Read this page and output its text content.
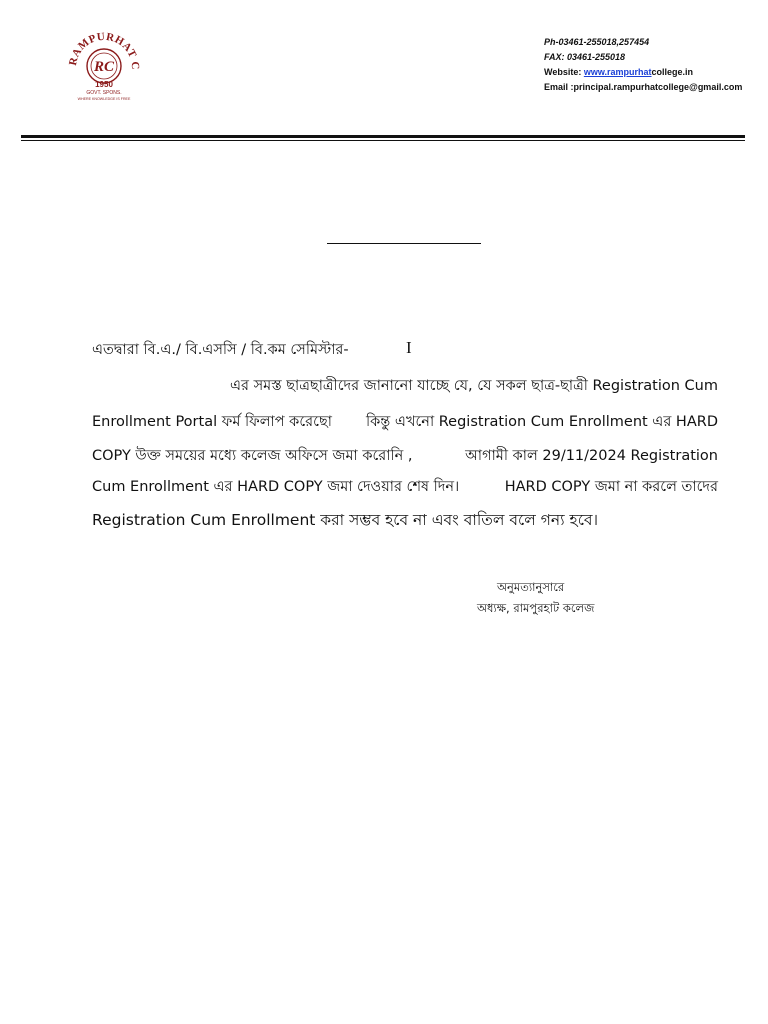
RAMPURHAT C
RC
1950
GOVT. SPONS.
WHERE KNOWLEDGE IS FREE
Ph-03461-255018,257454
FAX: 03461-255018
Website: www.rampurhatcollege.in
Email :principal.rampurhatcollege@gmail.com
এতদ্বারা বি.এ./ বি.এসসি / বি.কম সেমিস্টার-	I
এর সমস্ত ছাত্রছাত্রীদের জানানো যাচ্ছে যে, যে সকল ছাত্র-ছাত্রী Registration Cum
Enrollment Portal ফর্ম ফিলাপ করেছো কিন্তু এখনো Registration Cum Enrollment এর HARD
COPY উক্ত সময়ের মধ্যে কলেজ অফিসে জমা করোনি ,	আগামী কাল 29/11/2024 Registration
Cum Enrollment এর HARD COPY জমা দেওয়ার শেষ দিন।	HARD COPY জমা না করলে তাদের
Registration Cum Enrollment করা সম্ভব হবে না এবং বাতিল বলে গন্য হবে।
অনুমত্যানুসারে
অধ্যক্ষ, রামপুরহাট কলেজ
